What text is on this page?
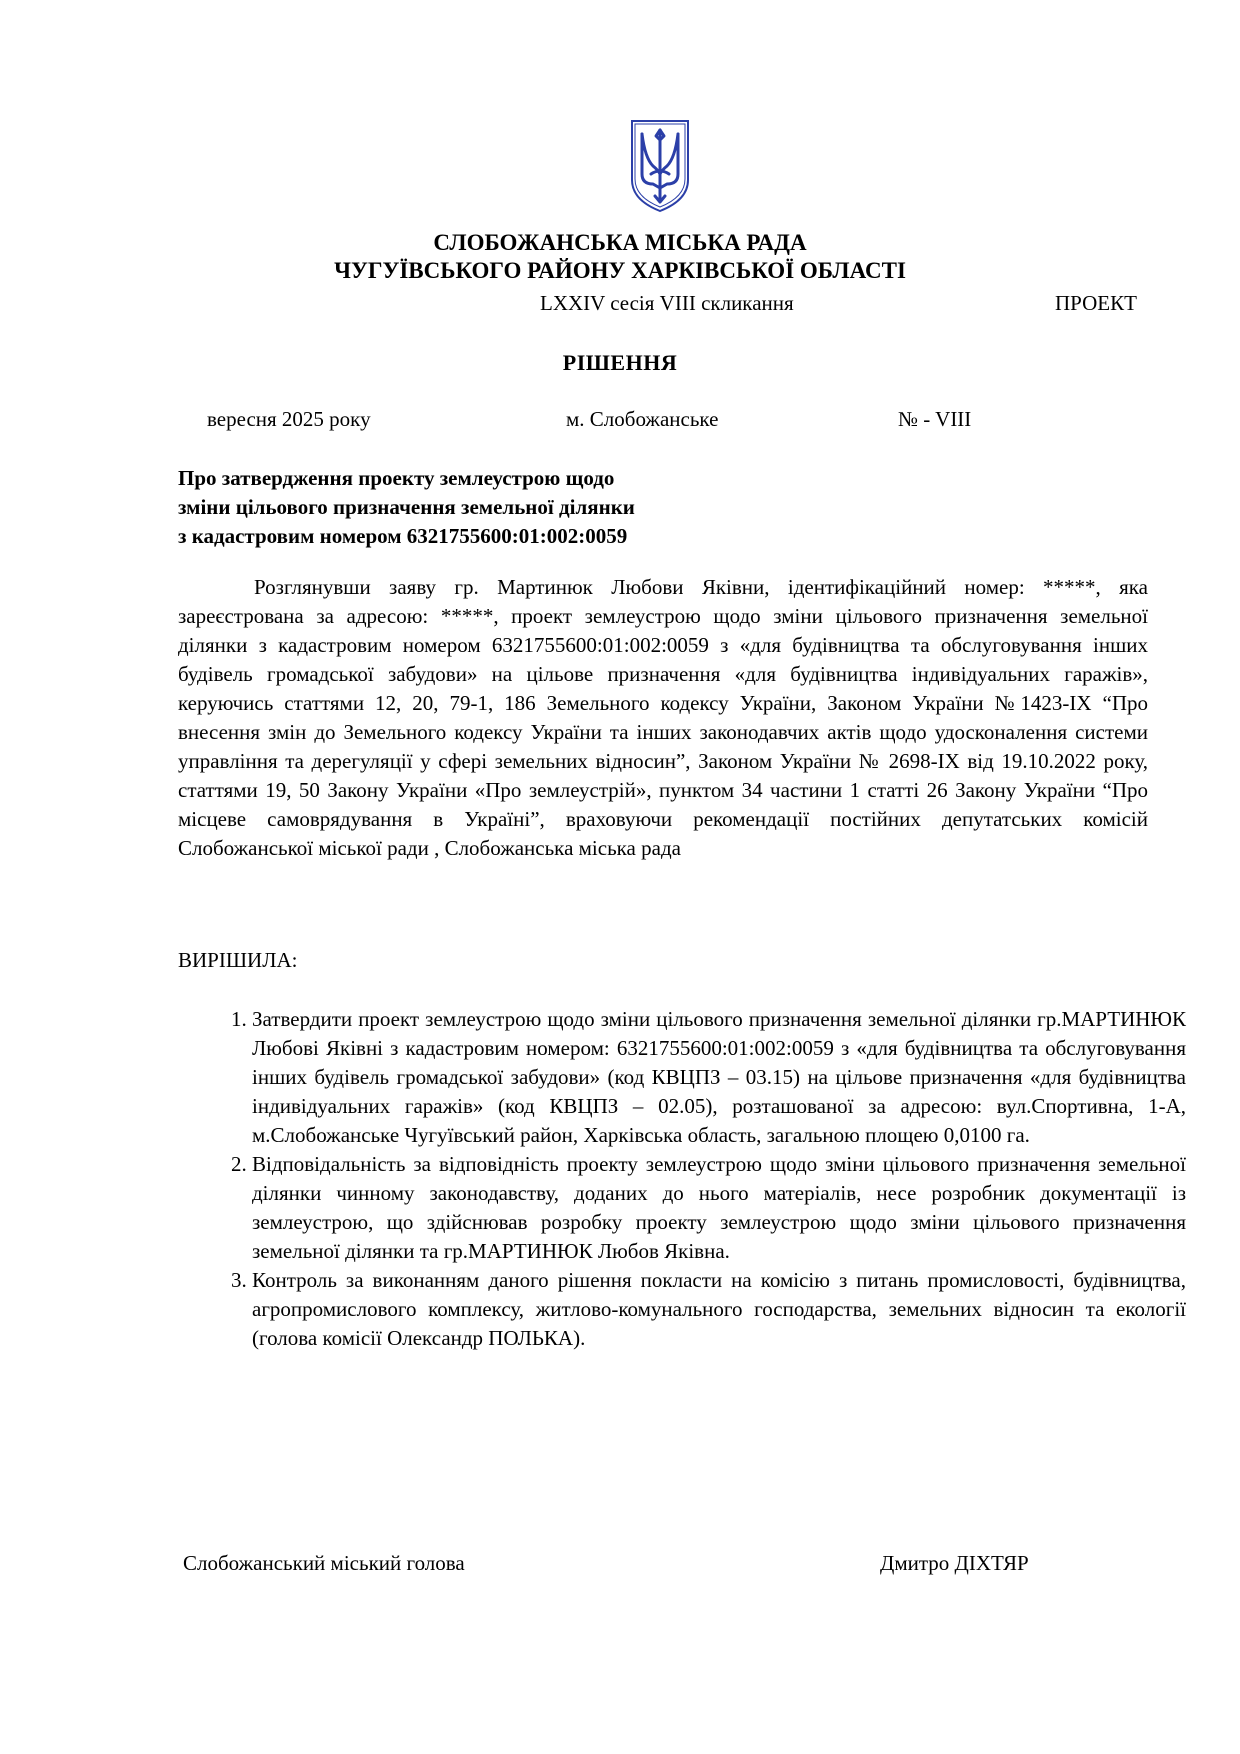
СЛОБОЖАНСЬКА МІСЬКА РАДА
ЧУГУЇВСЬКОГО РАЙОНУ ХАРКІВСЬКОЇ ОБЛАСТІ
LXXIV сесія VIII скликання	ПРОЕКТ
РІШЕННЯ
вересня 2025 року	м. Слобожанське	№ - VIII
Про затвердження проекту землеустрою щодо
зміни цільового призначення земельної ділянки
з кадастровим номером 6321755600:01:002:0059
Розглянувши заяву гр. Мартинюк Любови Яківни, ідентифікаційний номер: *****, яка зареєстрована за адресою: *****, проект землеустрою щодо зміни цільового призначення земельної ділянки з кадастровим номером 6321755600:01:002:0059 з «для будівництва та обслуговування інших будівель громадської забудови» на цільове призначення «для будівництва індивідуальних гаражів», керуючись статтями 12, 20, 79-1, 186 Земельного кодексу України, Законом України №1423-IX “Про внесення змін до Земельного кодексу України та інших законодавчих актів щодо удосконалення системи управління та дерегуляції у сфері земельних відносин”, Законом України № 2698-IX від 19.10.2022 року, статтями 19, 50 Закону України «Про землеустрій», пунктом 34 частини 1 статті 26 Закону України “Про місцеве самоврядування в Україні”, враховуючи рекомендації постійних депутатських комісій Слобожанської міської ради , Слобожанська міська рада
ВИРІШИЛА:
1. Затвердити проект землеустрою щодо зміни цільового призначення земельної ділянки гр.МАРТИНЮК Любові Яківні з кадастровим номером: 6321755600:01:002:0059 з «для будівництва та обслуговування інших будівель громадської забудови» (код КВЦПЗ – 03.15) на цільове призначення «для будівництва індивідуальних гаражів» (код КВЦПЗ – 02.05), розташованої за адресою: вул.Спортивна, 1-А, м.Слобожанське Чугуївський район, Харківська область, загальною площею 0,0100 га.
2. Відповідальність за відповідність проекту землеустрою щодо зміни цільового призначення земельної ділянки чинному законодавству, доданих до нього матеріалів, несе розробник документації із землеустрою, що здійснював розробку проекту землеустрою щодо зміни цільового призначення земельної ділянки та гр.МАРТИНЮК Любов Яківна.
3. Контроль за виконанням даного рішення покласти на комісію з питань промисловості, будівництва, агропромислового комплексу, житлово-комунального господарства, земельних відносин та екології (голова комісії Олександр ПОЛЬКА).
Слобожанський міський голова	Дмитро ДІХТЯР
